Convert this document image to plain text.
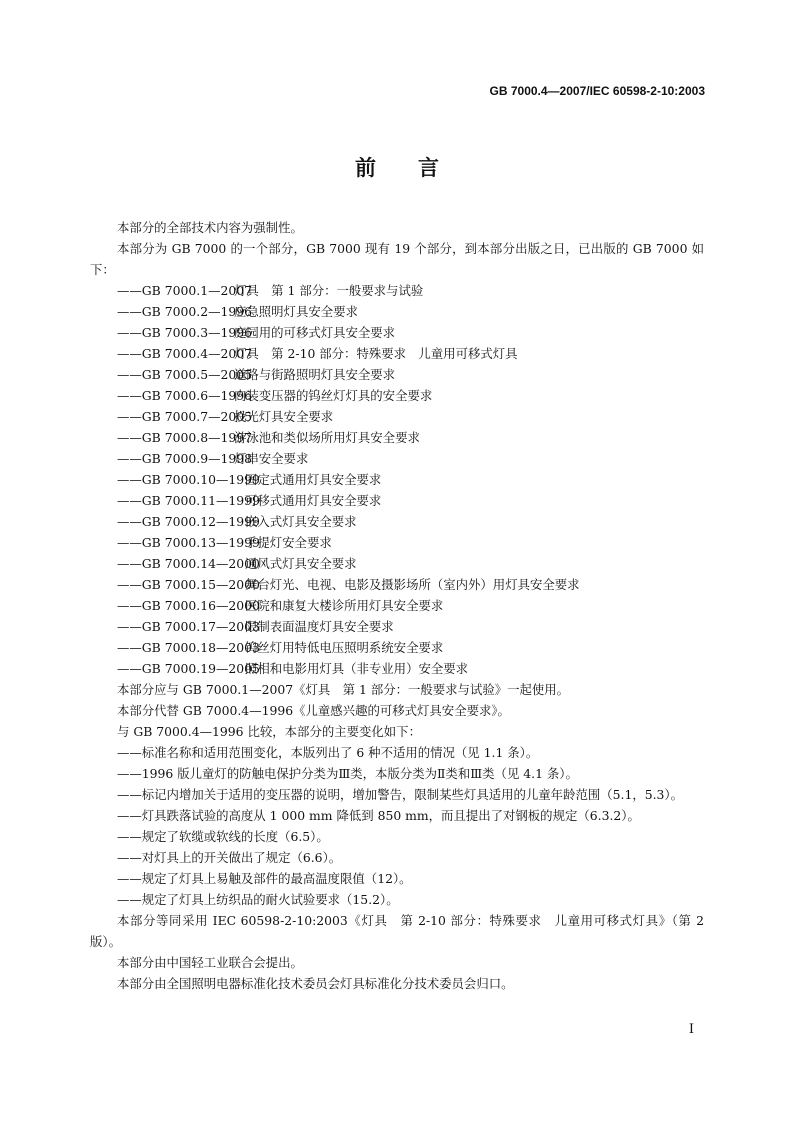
GB 7000.4—2007/IEC 60598-2-10:2003
前言

本部分的全部技术内容为强制性。

本部分为 GB 7000 的一个部分，GB 7000 现有 19 个部分，到本部分出版之日，已出版的 GB 7000 如下：

——GB 7000.1—2007灯具　第 1 部分：一般要求与试验

——GB 7000.2—1996应急照明灯具安全要求

——GB 7000.3—1996庭园用的可移式灯具安全要求

——GB 7000.4—2007灯具　第 2-10 部分：特殊要求　儿童用可移式灯具

——GB 7000.5—2005道路与街路照明灯具安全要求

——GB 7000.6—1996内装变压器的钨丝灯灯具的安全要求

——GB 7000.7—2005投光灯具安全要求

——GB 7000.8—1997游泳池和类似场所用灯具安全要求

——GB 7000.9—1998灯串安全要求

——GB 7000.10—1999固定式通用灯具安全要求

——GB 7000.11—1999可移式通用灯具安全要求

——GB 7000.12—1999嵌入式灯具安全要求

——GB 7000.13—1999手提灯安全要求

——GB 7000.14—2000通风式灯具安全要求

——GB 7000.15—2000舞台灯光、电视、电影及摄影场所（室内外）用灯具安全要求

——GB 7000.16—2000医院和康复大楼诊所用灯具安全要求

——GB 7000.17—2003限制表面温度灯具安全要求

——GB 7000.18—2003钨丝灯用特低电压照明系统安全要求

——GB 7000.19—2005照相和电影用灯具（非专业用）安全要求

本部分应与 GB 7000.1—2007《灯具　第 1 部分：一般要求与试验》一起使用。

本部分代替 GB 7000.4—1996《儿童感兴趣的可移式灯具安全要求》。

与 GB 7000.4—1996 比较，本部分的主要变化如下：

——标准名称和适用范围变化，本版列出了 6 种不适用的情况（见 1.1 条）。

——1996 版儿童灯的防触电保护分类为Ⅲ类，本版分类为Ⅱ类和Ⅲ类（见 4.1 条）。

——标记内增加关于适用的变压器的说明，增加警告，限制某些灯具适用的儿童年龄范围（5.1，5.3）。

——灯具跌落试验的高度从 1 000 mm 降低到 850 mm，而且提出了对钢板的规定（6.3.2）。

——规定了软缆或软线的长度（6.5）。

——对灯具上的开关做出了规定（6.6）。

——规定了灯具上易触及部件的最高温度限值（12）。

——规定了灯具上纺织品的耐火试验要求（15.2）。

本部分等同采用 IEC 60598-2-10:2003《灯具　第 2-10 部分：特殊要求　儿童用可移式灯具》（第 2 版）。

本部分由中国轻工业联合会提出。

本部分由全国照明电器标准化技术委员会灯具标准化分技术委员会归口。

I
